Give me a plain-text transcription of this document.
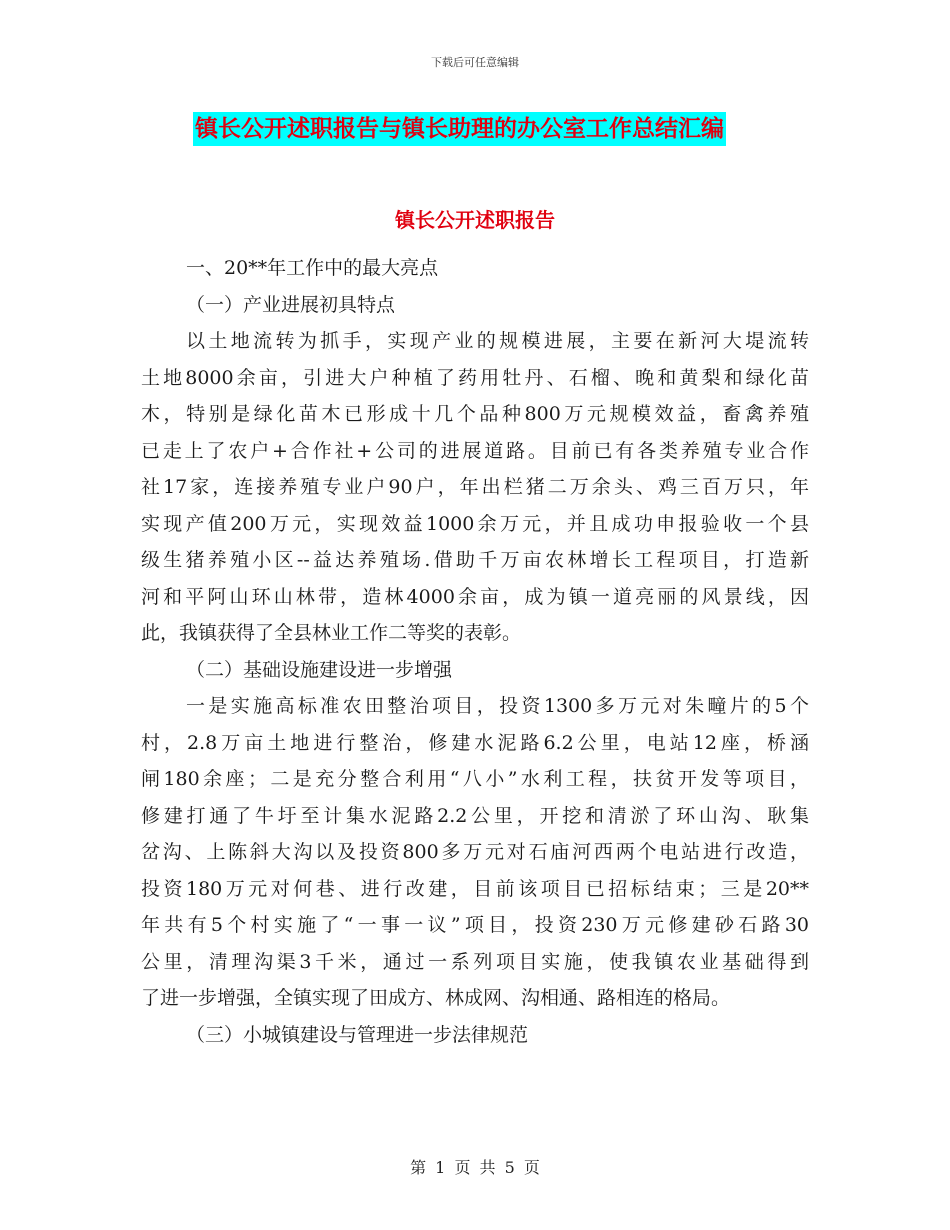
下载后可任意编辑
镇长公开述职报告与镇长助理的办公室工作总结汇编
镇长公开述职报告
一、20**年工作中的最大亮点
（一）产业进展初具特点
以土地流转为抓手，实现产业的规模进展，主要在新河大堤流转
土地8000余亩，引进大户种植了药用牡丹、石榴、晚和黄梨和绿化苗
木，特别是绿化苗木已形成十几个品种800万元规模效益，畜禽养殖
已走上了农户+合作社+公司的进展道路。目前已有各类养殖专业合作
社17家，连接养殖专业户90户，年出栏猪二万余头、鸡三百万只，年
实现产值200万元，实现效益1000余万元，并且成功申报验收一个县
级生猪养殖小区--益达养殖场.借助千万亩农林增长工程项目，打造新
河和平阿山环山林带，造林4000余亩，成为镇一道亮丽的风景线，因
此，我镇获得了全县林业工作二等奖的表彰。
（二）基础设施建设进一步增强
一是实施高标准农田整治项目，投资1300多万元对朱疃片的5个
村，2.8万亩土地进行整治，修建水泥路6.2公里，电站12座，桥涵
闸180余座；二是充分整合利用“八小”水利工程，扶贫开发等项目，
修建打通了牛圩至计集水泥路2.2公里，开挖和清淤了环山沟、耿集
岔沟、上陈斜大沟以及投资800多万元对石庙河西两个电站进行改造，
投资180万元对何巷、进行改建，目前该项目已招标结束；三是20**
年共有5个村实施了“一事一议”项目，投资230万元修建砂石路30
公里，清理沟渠3千米，通过一系列项目实施，使我镇农业基础得到
了进一步增强，全镇实现了田成方、林成网、沟相通、路相连的格局。
（三）小城镇建设与管理进一步法律规范
第 1 页 共 5 页
